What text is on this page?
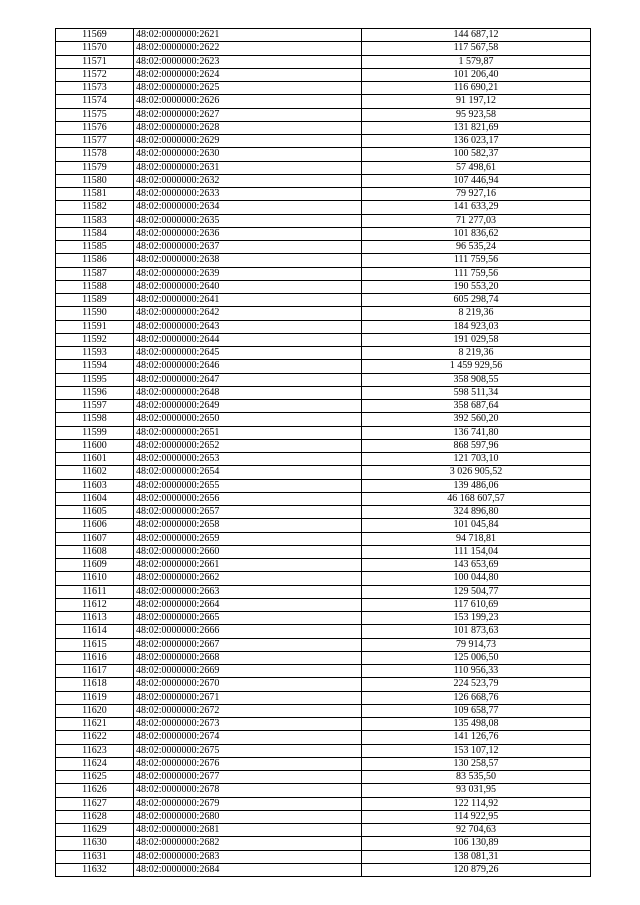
11569	48:02:0000000:2621	144 687,12
11570	48:02:0000000:2622	117 567,58
11571	48:02:0000000:2623	1 579,87
11572	48:02:0000000:2624	101 206,40
11573	48:02:0000000:2625	116 690,21
11574	48:02:0000000:2626	91 197,12
11575	48:02:0000000:2627	95 923,58
11576	48:02:0000000:2628	131 821,69
11577	48:02:0000000:2629	136 023,17
11578	48:02:0000000:2630	100 582,37
11579	48:02:0000000:2631	57 498,61
11580	48:02:0000000:2632	107 446,94
11581	48:02:0000000:2633	79 927,16
11582	48:02:0000000:2634	141 633,29
11583	48:02:0000000:2635	71 277,03
11584	48:02:0000000:2636	101 836,62
11585	48:02:0000000:2637	96 535,24
11586	48:02:0000000:2638	111 759,56
11587	48:02:0000000:2639	111 759,56
11588	48:02:0000000:2640	190 553,20
11589	48:02:0000000:2641	605 298,74
11590	48:02:0000000:2642	8 219,36
11591	48:02:0000000:2643	184 923,03
11592	48:02:0000000:2644	191 029,58
11593	48:02:0000000:2645	8 219,36
11594	48:02:0000000:2646	1 459 929,56
11595	48:02:0000000:2647	358 908,55
11596	48:02:0000000:2648	598 511,34
11597	48:02:0000000:2649	358 687,64
11598	48:02:0000000:2650	392 560,20
11599	48:02:0000000:2651	136 741,80
11600	48:02:0000000:2652	868 597,96
11601	48:02:0000000:2653	121 703,10
11602	48:02:0000000:2654	3 026 905,52
11603	48:02:0000000:2655	139 486,06
11604	48:02:0000000:2656	46 168 607,57
11605	48:02:0000000:2657	324 896,80
11606	48:02:0000000:2658	101 045,84
11607	48:02:0000000:2659	94 718,81
11608	48:02:0000000:2660	111 154,04
11609	48:02:0000000:2661	143 653,69
11610	48:02:0000000:2662	100 044,80
11611	48:02:0000000:2663	129 504,77
11612	48:02:0000000:2664	117 610,69
11613	48:02:0000000:2665	153 199,23
11614	48:02:0000000:2666	101 873,63
11615	48:02:0000000:2667	79 914,73
11616	48:02:0000000:2668	125 006,50
11617	48:02:0000000:2669	110 956,33
11618	48:02:0000000:2670	224 523,79
11619	48:02:0000000:2671	126 668,76
11620	48:02:0000000:2672	109 658,77
11621	48:02:0000000:2673	135 498,08
11622	48:02:0000000:2674	141 126,76
11623	48:02:0000000:2675	153 107,12
11624	48:02:0000000:2676	130 258,57
11625	48:02:0000000:2677	83 535,50
11626	48:02:0000000:2678	93 031,95
11627	48:02:0000000:2679	122 114,92
11628	48:02:0000000:2680	114 922,95
11629	48:02:0000000:2681	92 704,63
11630	48:02:0000000:2682	106 130,89
11631	48:02:0000000:2683	138 081,31
11632	48:02:0000000:2684	120 879,26
